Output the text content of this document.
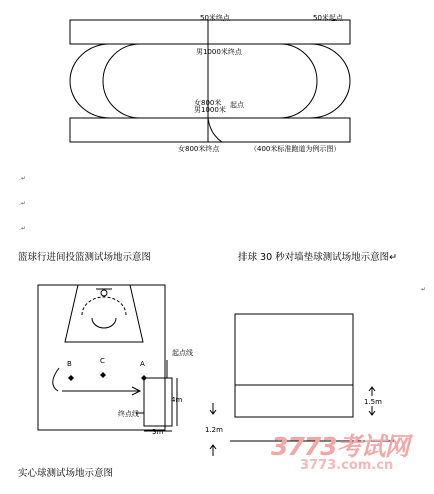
50米终点	50米起点
男1000米终点
女800米
男1000米
起点
女800米终点	（400米标准跑道为例示图）
.↵
.↵
.↵
篮球行进间投篮测试场地示意图	排球 30 秒对墙垫球测试场地示意图↵
↵
B	C	A
起点线
终点线
4m
3m
1.5m
1.2m
实心球测试场地示意图
3773考试网
3773.com.cn
